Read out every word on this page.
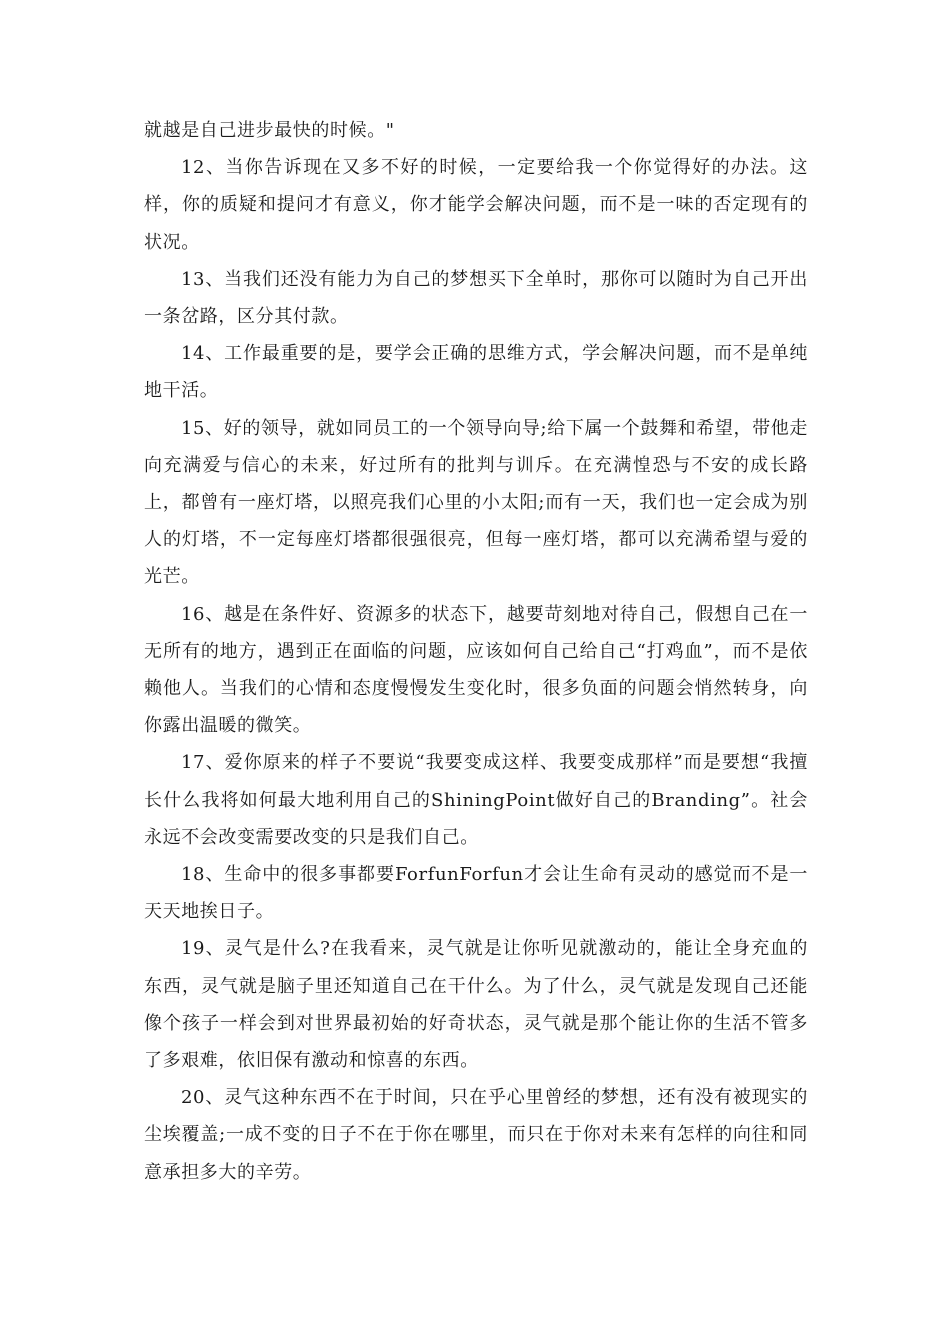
就越是自己进步最快的时候。"

12、当你告诉现在又多不好的时候，一定要给我一个你觉得好的办法。这样，你的质疑和提问才有意义，你才能学会解决问题，而不是一味的否定现有的状况。

13、当我们还没有能力为自己的梦想买下全单时，那你可以随时为自己开出一条岔路，区分其付款。

14、工作最重要的是，要学会正确的思维方式，学会解决问题，而不是单纯地干活。

15、好的领导，就如同员工的一个领导向导;给下属一个鼓舞和希望，带他走向充满爱与信心的未来，好过所有的批判与训斥。在充满惶恐与不安的成长路上，都曾有一座灯塔，以照亮我们心里的小太阳;而有一天，我们也一定会成为别人的灯塔，不一定每座灯塔都很强很亮，但每一座灯塔，都可以充满希望与爱的光芒。

16、越是在条件好、资源多的状态下，越要苛刻地对待自己，假想自己在一无所有的地方，遇到正在面临的问题，应该如何自己给自己“打鸡血”，而不是依赖他人。当我们的心情和态度慢慢发生变化时，很多负面的问题会悄然转身，向你露出温暖的微笑。

17、爱你原来的样子不要说“我要变成这样、我要变成那样”而是要想“我擅长什么我将如何最大地利用自己的ShiningPoint做好自己的Branding”。社会永远不会改变需要改变的只是我们自己。

18、生命中的很多事都要ForfunForfun才会让生命有灵动的感觉而不是一天天地挨日子。

19、灵气是什么?在我看来，灵气就是让你听见就激动的，能让全身充血的东西，灵气就是脑子里还知道自己在干什么。为了什么，灵气就是发现自己还能像个孩子一样会到对世界最初始的好奇状态，灵气就是那个能让你的生活不管多了多艰难，依旧保有激动和惊喜的东西。

20、灵气这种东西不在于时间，只在乎心里曾经的梦想，还有没有被现实的尘埃覆盖;一成不变的日子不在于你在哪里，而只在于你对未来有怎样的向往和同意承担多大的辛劳。
